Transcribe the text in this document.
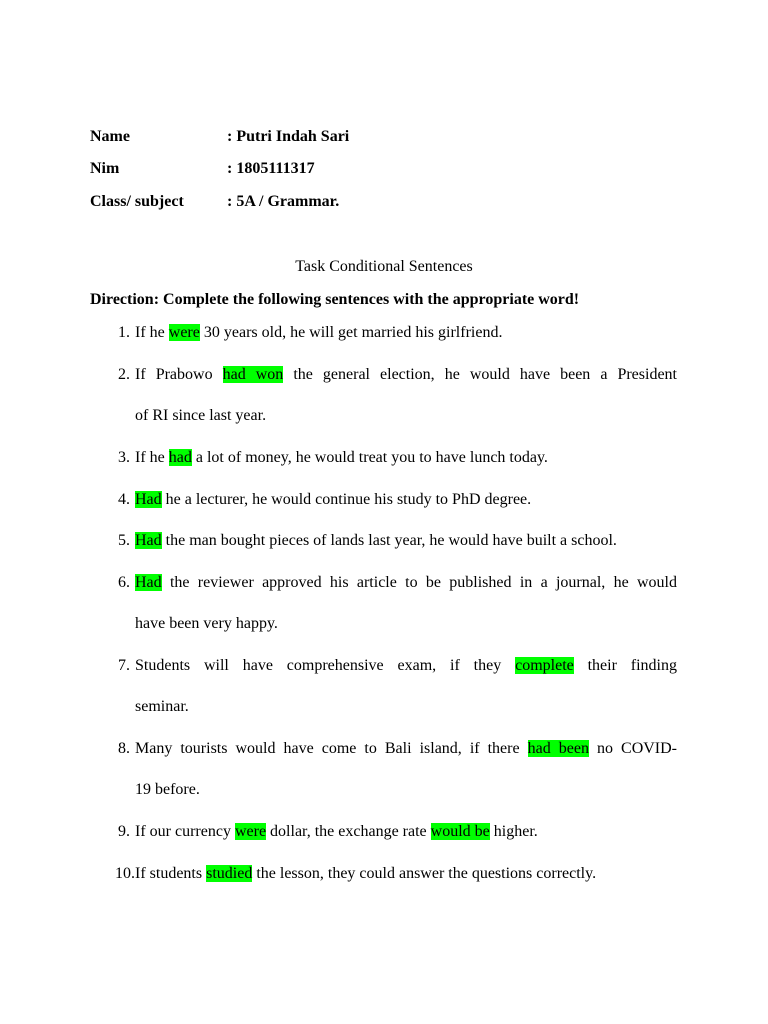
Name	: Putri Indah Sari
Nim	: 1805111317
Class/ subject	: 5A / Grammar.
Task Conditional Sentences
Direction: Complete the following sentences with the appropriate word!
1. If he were 30 years old, he will get married his girlfriend.
2. If Prabowo had won the general election, he would have been a President
of RI since last year.
3. If he had a lot of money, he would treat you to have lunch today.
4. Had he a lecturer, he would continue his study to PhD degree.
5. Had the man bought pieces of lands last year, he would have built a school.
6. Had the reviewer approved his article to be published in a journal, he would
have been very happy.
7. Students will have comprehensive exam, if they complete their finding
seminar.
8. Many tourists would have come to Bali island, if there had been no COVID-
19 before.
9. If our currency were dollar, the exchange rate would be higher.
10. If students studied the lesson, they could answer the questions correctly.
